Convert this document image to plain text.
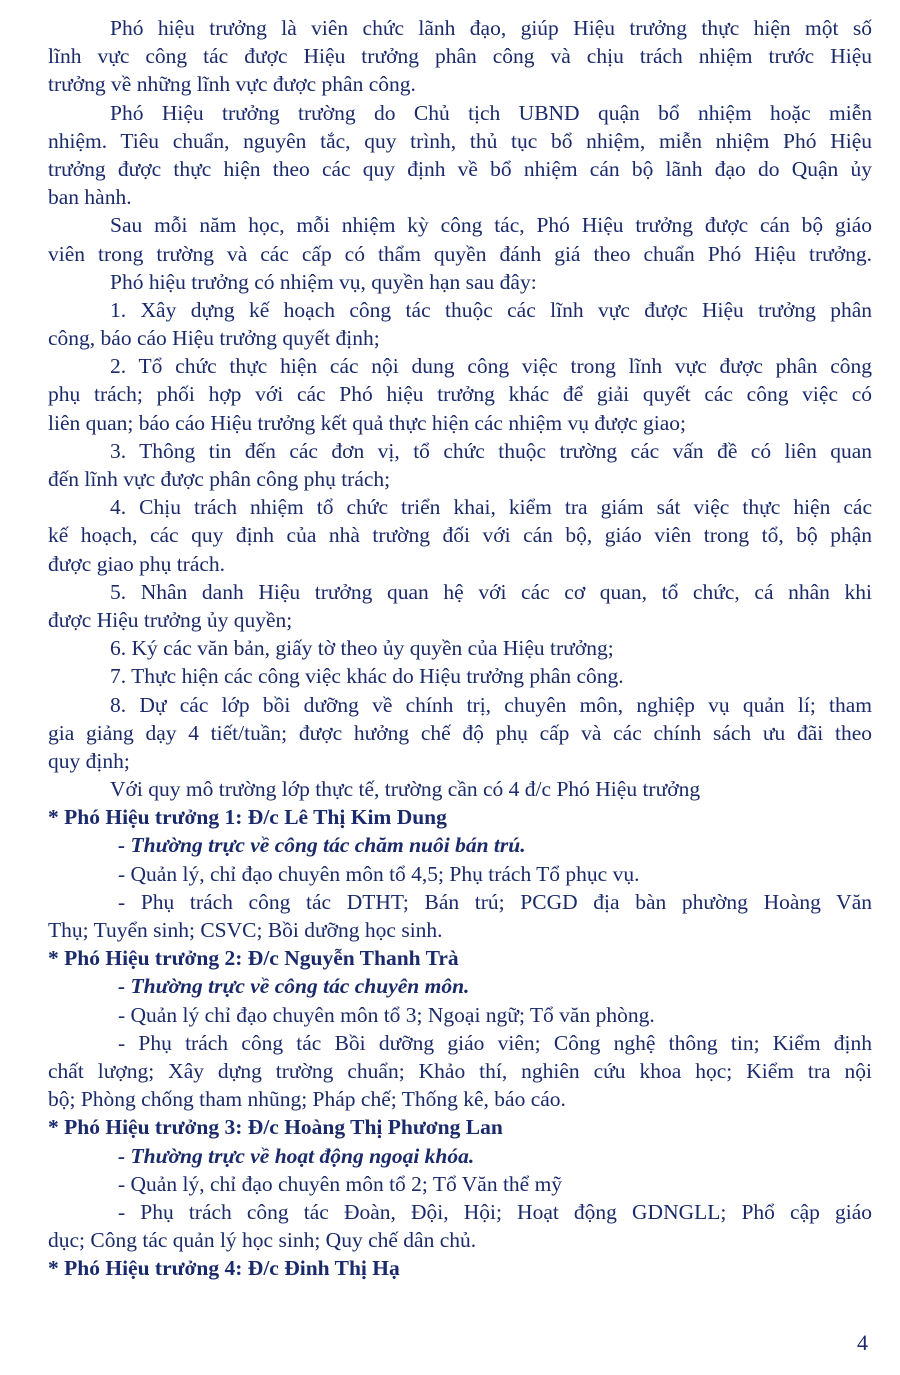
Phó hiệu trưởng là viên chức lãnh đạo, giúp Hiệu trưởng thực hiện một số
lĩnh vực công tác được Hiệu trưởng phân công và chịu trách nhiệm trước Hiệu
trưởng về những lĩnh vực được phân công.
Phó Hiệu trưởng trường do Chủ tịch UBND quận bổ nhiệm hoặc miễn
nhiệm. Tiêu chuẩn, nguyên tắc, quy trình, thủ tục bổ nhiệm, miễn nhiệm Phó Hiệu
trưởng được thực hiện theo các quy định về bổ nhiệm cán bộ lãnh đạo do Quận ủy
ban hành.
Sau mỗi năm học, mỗi nhiệm kỳ công tác, Phó Hiệu trưởng được cán bộ giáo
viên trong trường và các cấp có thẩm quyền đánh giá theo chuẩn Phó Hiệu trưởng.
Phó hiệu trưởng có nhiệm vụ, quyền hạn sau đây:
1. Xây dựng kế hoạch công tác thuộc các lĩnh vực được Hiệu trưởng phân
công, báo cáo Hiệu trưởng quyết định;
2. Tổ chức thực hiện các nội dung công việc trong lĩnh vực được phân công
phụ trách; phối hợp với các Phó hiệu trưởng khác để giải quyết các công việc có
liên quan; báo cáo Hiệu trưởng kết quả thực hiện các nhiệm vụ được giao;
3. Thông tin đến các đơn vị, tổ chức thuộc trường các vấn đề có liên quan
đến lĩnh vực được phân công phụ trách;
4. Chịu trách nhiệm tổ chức triển khai, kiểm tra giám sát việc thực hiện các
kế hoạch, các quy định của nhà trường đối với cán bộ, giáo viên trong tổ, bộ phận
được giao phụ trách.
5. Nhân danh Hiệu trưởng quan hệ với các cơ quan, tổ chức, cá nhân khi
được Hiệu trưởng ủy quyền;
6. Ký các văn bản, giấy tờ theo ủy quyền của Hiệu trưởng;
7. Thực hiện các công việc khác do Hiệu trưởng phân công.
8. Dự các lớp bồi dưỡng về chính trị, chuyên môn, nghiệp vụ quản lí; tham
gia giảng dạy 4 tiết/tuần; được hưởng chế độ phụ cấp và các chính sách ưu đãi theo
quy định;
Với quy mô trường lớp thực tế, trường cần có 4 đ/c Phó Hiệu trưởng
* Phó Hiệu trưởng 1: Đ/c Lê Thị Kim Dung
- Thường trực về công tác chăm nuôi bán trú.
- Quản lý, chỉ đạo chuyên môn tổ 4,5; Phụ trách Tổ phục vụ.
- Phụ trách công tác DTHT; Bán trú; PCGD địa bàn phường Hoàng Văn
Thụ; Tuyển sinh; CSVC; Bồi dưỡng học sinh.
* Phó Hiệu trưởng 2: Đ/c Nguyễn Thanh Trà
- Thường trực về công tác chuyên môn.
- Quản lý chỉ đạo chuyên môn tổ 3; Ngoại ngữ; Tổ văn phòng.
- Phụ trách công tác Bồi dưỡng giáo viên; Công nghệ thông tin; Kiểm định
chất lượng; Xây dựng trường chuẩn; Khảo thí, nghiên cứu khoa học; Kiểm tra nội
bộ; Phòng chống tham nhũng; Pháp chế; Thống kê, báo cáo.
* Phó Hiệu trưởng 3: Đ/c Hoàng Thị Phương Lan
- Thường trực về hoạt động ngoại khóa.
- Quản lý, chỉ đạo chuyên môn tổ 2; Tổ Văn thể mỹ
- Phụ trách công tác Đoàn, Đội, Hội; Hoạt động GDNGLL; Phổ cập giáo
dục; Công tác quản lý học sinh; Quy chế dân chủ.
* Phó Hiệu trưởng 4: Đ/c Đinh Thị Hạ
4
